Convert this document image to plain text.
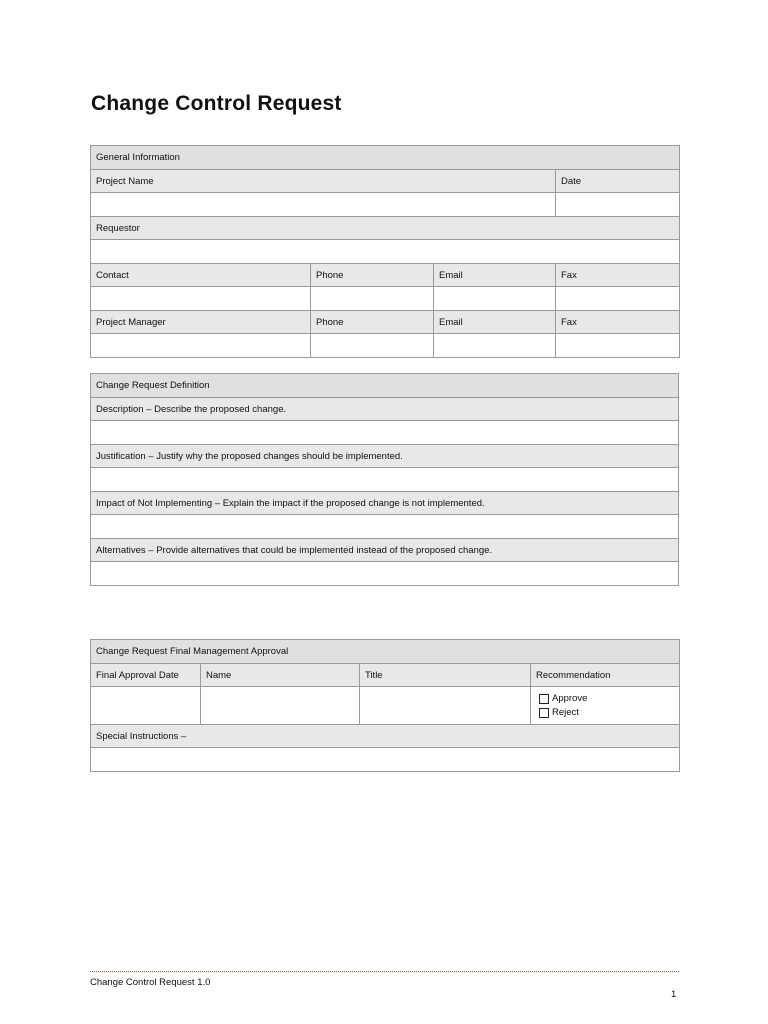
Change Control Request
General Information			
Project Name			Date

Requestor			

Contact	Phone	Email	Fax

Project Manager	Phone	Email	Fax

Change Request Definition
Description – Describe the proposed change.

Justification – Justify why the proposed changes should be implemented.

Impact of Not Implementing – Explain the impact if the proposed change is not implemented.

Alternatives – Provide alternatives that could be implemented instead of the proposed change.

Change Request Final Management Approval			
Final Approval Date	Name	Title	Recommendation

			Approve
Reject

Special Instructions –			

Change Control Request 1.0
1
